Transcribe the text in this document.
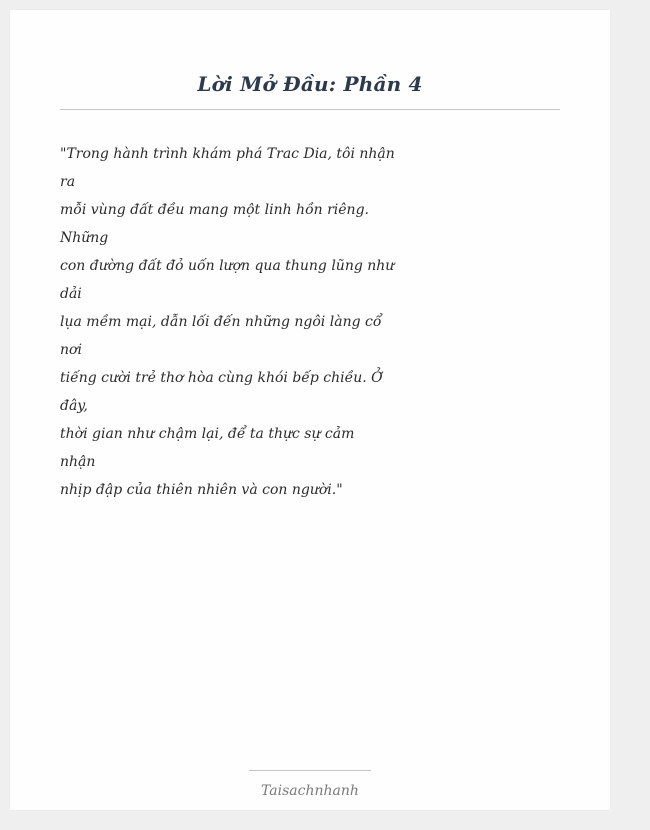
Lời Mở Đầu: Phần 4
"Trong hành trình khám phá Trac Dia, tôi nhận
ra
mỗi vùng đất đều mang một linh hồn riêng.
Những
con đường đất đỏ uốn lượn qua thung lũng như
dải
lụa mềm mại, dẫn lối đến những ngôi làng cổ
nơi
tiếng cười trẻ thơ hòa cùng khói bếp chiều. Ở
đây,
thời gian như chậm lại, để ta thực sự cảm
nhận
nhịp đập của thiên nhiên và con người."
Taisachnhanh
